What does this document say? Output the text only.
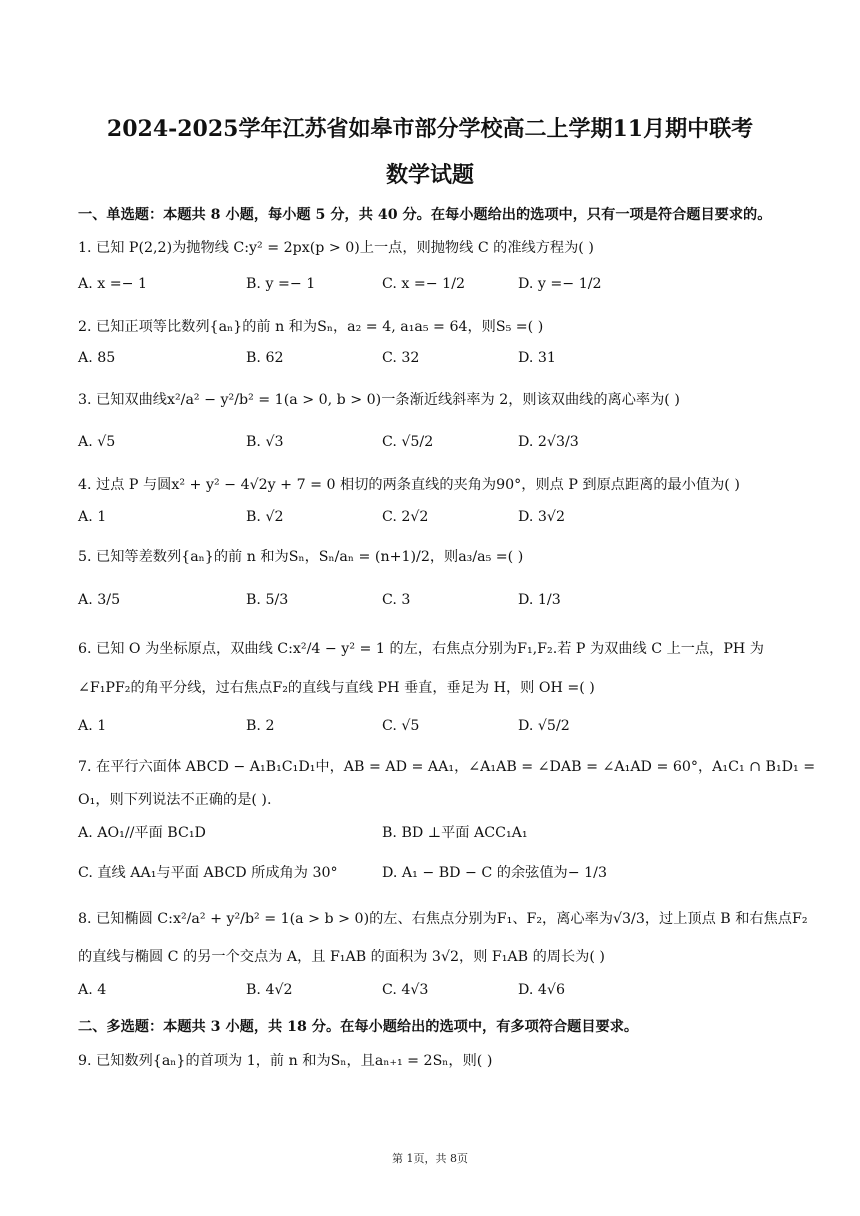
2024-2025学年江苏省如皋市部分学校高二上学期11月期中联考
数学试题
一、单选题：本题共 8 小题，每小题 5 分，共 40 分。在每小题给出的选项中，只有一项是符合题目要求的。
1. 已知 P(2,2)为抛物线 C:y² = 2px(p > 0)上一点，则抛物线 C 的准线方程为( )
A. x =− 1	B. y =− 1	C. x =− 1/2	D. y =− 1/2
2. 已知正项等比数列{aₙ}的前 n 和为Sₙ，a₂ = 4, a₁a₅ = 64，则S₅ =( )
A. 85	B. 62	C. 32	D. 31
3. 已知双曲线x²/a² − y²/b² = 1(a > 0, b > 0)一条渐近线斜率为 2，则该双曲线的离心率为( )
A. √5	B. √3	C. √5/2	D. 2√3/3
4. 过点 P 与圆x² + y² − 4√2y + 7 = 0 相切的两条直线的夹角为90°，则点 P 到原点距离的最小值为( )
A. 1	B. √2	C. 2√2	D. 3√2
5. 已知等差数列{aₙ}的前 n 和为Sₙ，Sₙ/aₙ = (n+1)/2，则a₃/a₅ =( )
A. 3/5	B. 5/3	C. 3	D. 1/3
6. 已知 O 为坐标原点，双曲线 C:x²/4 − y² = 1 的左，右焦点分别为F₁,F₂.若 P 为双曲线 C 上一点，PH 为
∠F₁PF₂的角平分线，过右焦点F₂的直线与直线 PH 垂直，垂足为 H，则 OH =( )
A. 1	B. 2	C. √5	D. √5/2
7. 在平行六面体 ABCD − A₁B₁C₁D₁中，AB = AD = AA₁，∠A₁AB = ∠DAB = ∠A₁AD = 60°，A₁C₁ ∩ B₁D₁ =
O₁，则下列说法不正确的是( ).
A. AO₁//平面 BC₁D	B. BD ⊥平面 ACC₁A₁
C. 直线 AA₁与平面 ABCD 所成角为 30°	D. A₁ − BD − C 的余弦值为− 1/3
8. 已知椭圆 C:x²/a² + y²/b² = 1(a > b > 0)的左、右焦点分别为F₁、F₂，离心率为√3/3，过上顶点 B 和右焦点F₂
的直线与椭圆 C 的另一个交点为 A，且 F₁AB 的面积为 3√2，则 F₁AB 的周长为( )
A. 4	B. 4√2	C. 4√3	D. 4√6
二、多选题：本题共 3 小题，共 18 分。在每小题给出的选项中，有多项符合题目要求。
9. 已知数列{aₙ}的首项为 1，前 n 和为Sₙ，且aₙ₊₁ = 2Sₙ，则( )
第 1页，共 8页
